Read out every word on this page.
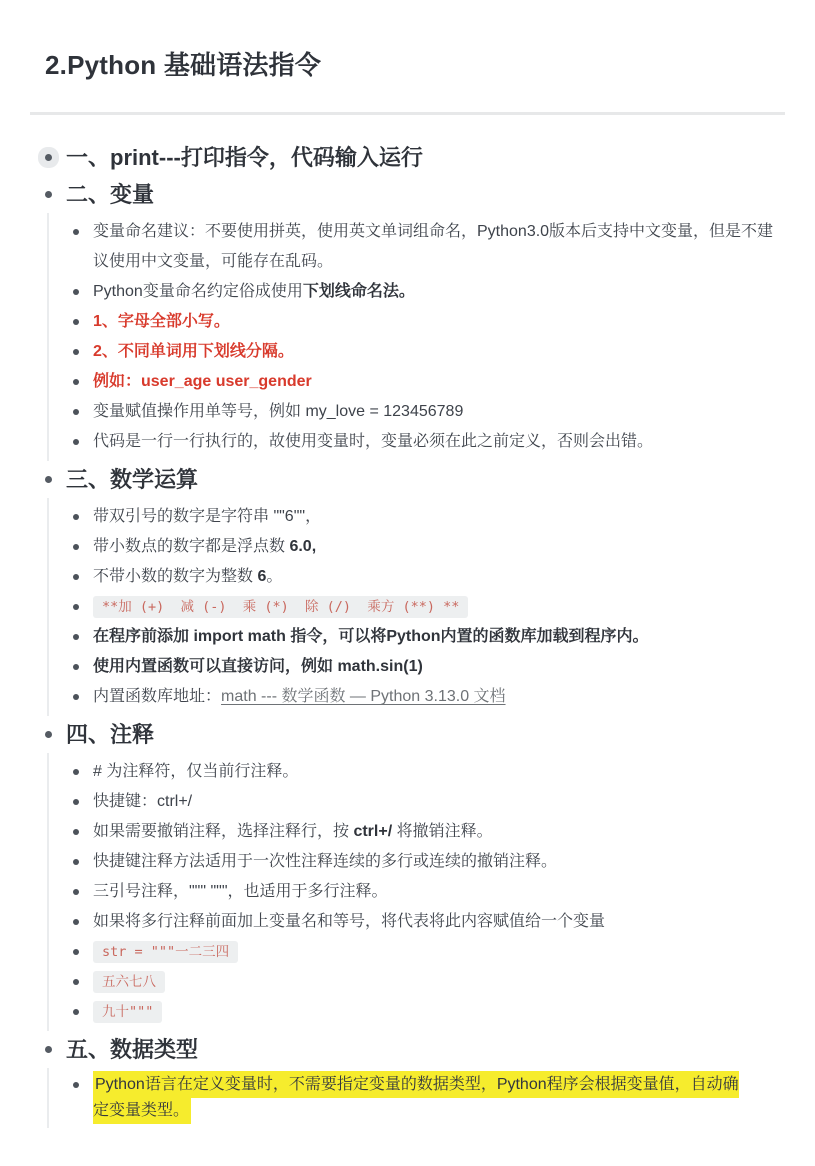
2.Python 基础语法指令
一、print---打印指令，代码输入运行
二、变量
变量命名建议：不要使用拼英，使用英文单词组命名，Python3.0版本后支持中文变量，但是不建议使用中文变量，可能存在乱码。
Python变量命名约定俗成使用下划线命名法。
1、字母全部小写。
2、不同单词用下划线分隔。
例如：user_age user_gender
变量赋值操作用单等号，例如 my_love = 123456789
代码是一行一行执行的，故使用变量时，变量必须在此之前定义，否则会出错。
三、数学运算
带双引号的数字是字符串 ""6""，
带小数点的数字都是浮点数 6.0,
不带小数的数字为整数 6。
**加 (+)  减 (-)  乘 (*)  除 (/)  乘方 (**) **
在程序前添加 import math 指令，可以将Python内置的函数库加载到程序内。
使用内置函数可以直接访问，例如 math.sin(1)
内置函数库地址：math --- 数学函数 — Python 3.13.0 文档
四、注释
# 为注释符，仅当前行注释。
快捷键：ctrl+/
如果需要撤销注释，选择注释行，按 ctrl+/ 将撤销注释。
快捷键注释方法适用于一次性注释连续的多行或连续的撤销注释。
三引号注释，""" """，也适用于多行注释。
如果将多行注释前面加上变量名和等号，将代表将此内容赋值给一个变量
str = """一二三四
五六七八
九十"""
五、数据类型
Python语言在定义变量时，不需要指定变量的数据类型，Python程序会根据变量值，自动确定变量类型。
